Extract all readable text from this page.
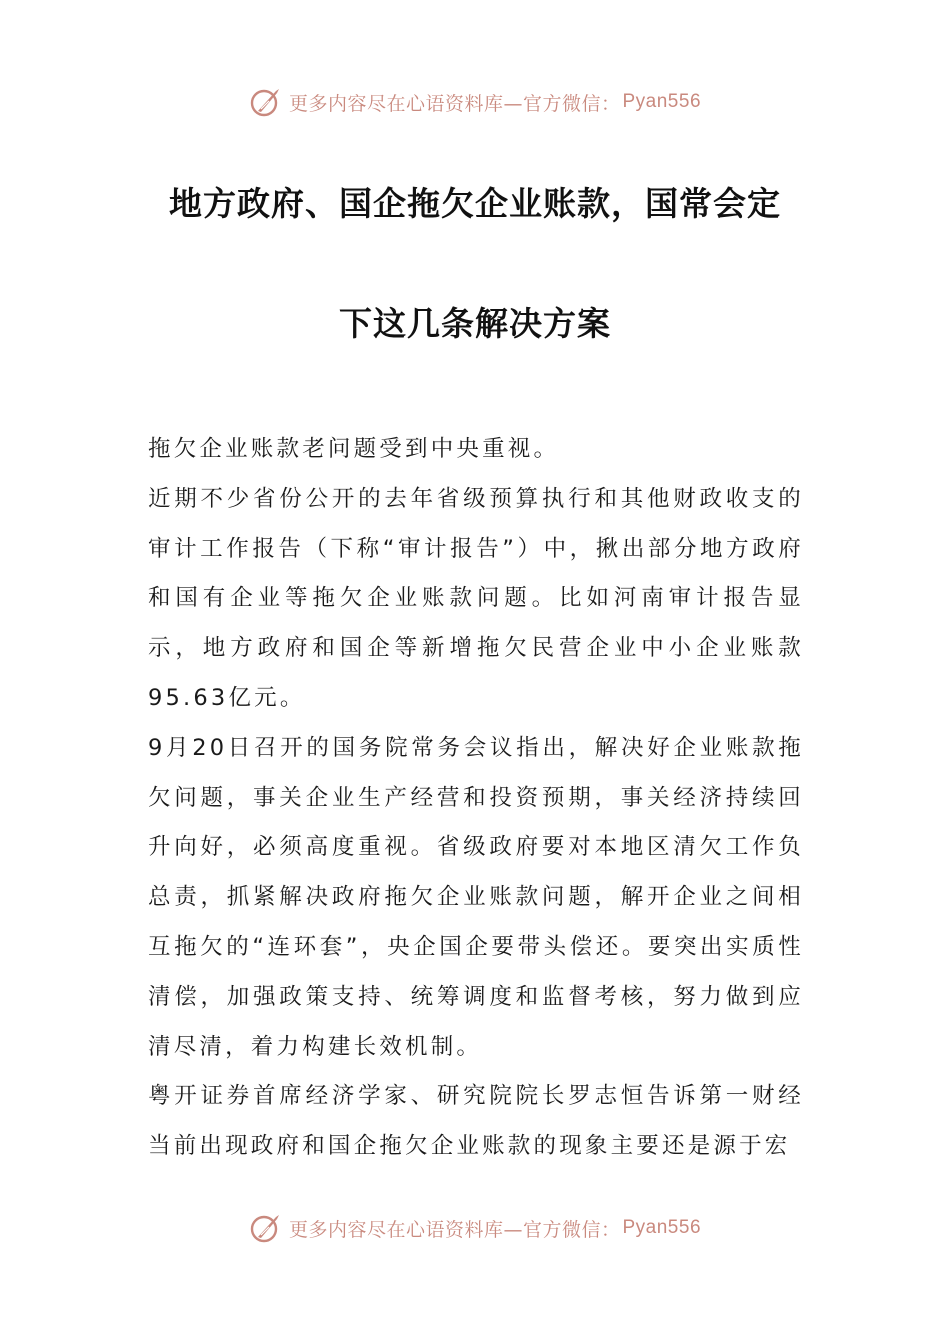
更多内容尽在心语资料库—官方微信： Pyan556
地方政府、国企拖欠企业账款，国常会定
下这几条解决方案

拖欠企业账款老问题受到中央重视。

近期不少省份公开的去年省级预算执行和其他财政收支的审计工作报告（下称“审计报告”）中，揪出部分地方政府和国有企业等拖欠企业账款问题。比如河南审计报告显示，地方政府和国企等新增拖欠民营企业中小企业账款95.63亿元。

9月20日召开的国务院常务会议指出，解决好企业账款拖欠问题，事关企业生产经营和投资预期，事关经济持续回升向好，必须高度重视。省级政府要对本地区清欠工作负总责，抓紧解决政府拖欠企业账款问题，解开企业之间相互拖欠的“连环套”，央企国企要带头偿还。要突出实质性清偿，加强政策支持、统筹调度和监督考核，努力做到应清尽清，着力构建长效机制。

粤开证券首席经济学家、研究院院长罗志恒告诉第一财经当前出现政府和国企拖欠企业账款的现象主要还是源于宏

更多内容尽在心语资料库—官方微信： Pyan556
